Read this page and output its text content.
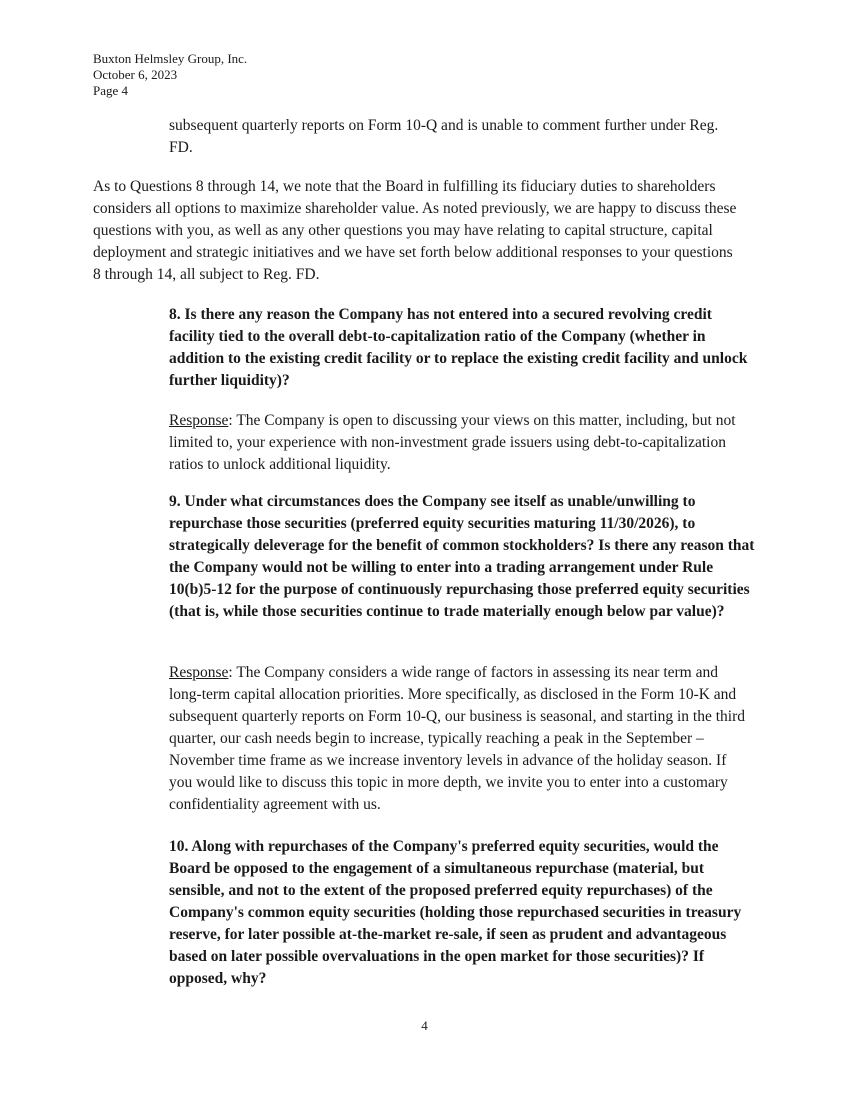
Buxton Helmsley Group, Inc.
October 6, 2023
Page 4
subsequent quarterly reports on Form 10-Q and is unable to comment further under Reg. FD.
As to Questions 8 through 14, we note that the Board in fulfilling its fiduciary duties to shareholders considers all options to maximize shareholder value. As noted previously, we are happy to discuss these questions with you, as well as any other questions you may have relating to capital structure, capital deployment and strategic initiatives and we have set forth below additional responses to your questions 8 through 14, all subject to Reg. FD.
8. Is there any reason the Company has not entered into a secured revolving credit facility tied to the overall debt-to-capitalization ratio of the Company (whether in addition to the existing credit facility or to replace the existing credit facility and unlock further liquidity)?
Response: The Company is open to discussing your views on this matter, including, but not limited to, your experience with non-investment grade issuers using debt-to-capitalization ratios to unlock additional liquidity.
9. Under what circumstances does the Company see itself as unable/unwilling to repurchase those securities (preferred equity securities maturing 11/30/2026), to strategically deleverage for the benefit of common stockholders? Is there any reason that the Company would not be willing to enter into a trading arrangement under Rule 10(b)5-12 for the purpose of continuously repurchasing those preferred equity securities (that is, while those securities continue to trade materially enough below par value)?
Response: The Company considers a wide range of factors in assessing its near term and long-term capital allocation priorities. More specifically, as disclosed in the Form 10-K and subsequent quarterly reports on Form 10-Q, our business is seasonal, and starting in the third quarter, our cash needs begin to increase, typically reaching a peak in the September – November time frame as we increase inventory levels in advance of the holiday season. If you would like to discuss this topic in more depth, we invite you to enter into a customary confidentiality agreement with us.
10. Along with repurchases of the Company's preferred equity securities, would the Board be opposed to the engagement of a simultaneous repurchase (material, but sensible, and not to the extent of the proposed preferred equity repurchases) of the Company's common equity securities (holding those repurchased securities in treasury reserve, for later possible at-the-market re-sale, if seen as prudent and advantageous based on later possible overvaluations in the open market for those securities)? If opposed, why?
4
